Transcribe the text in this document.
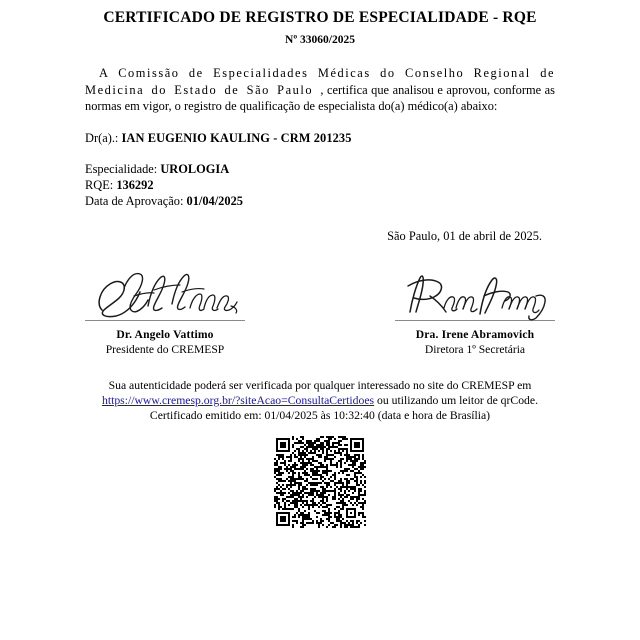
CERTIFICADO DE REGISTRO DE ESPECIALIDADE - RQE
Nº 33060/2025

A Comissão de Especialidades Médicas do Conselho Regional de Medicina do Estado de São Paulo , certifica que analisou e aprovou, conforme as normas em vigor, o registro de qualificação de especialista do(a) médico(a) abaixo:

Dr(a).: IAN EUGENIO KAULING - CRM 201235

Especialidade: UROLOGIA
RQE: 136292
Data de Aprovação: 01/04/2025
São Paulo, 01 de abril de 2025.
Dr. Angelo Vattimo
Presidente do CREMESP
Dra. Irene Abramovich
Diretora 1º Secretária

Sua autenticidade poderá ser verificada por qualquer interessado no site do CREMESP em

https://www.cremesp.org.br/?siteAcao=ConsultaCertidoes ou utilizando um leitor de qrCode.

Certificado emitido em: 01/04/2025 às 10:32:40 (data e hora de Brasília)
